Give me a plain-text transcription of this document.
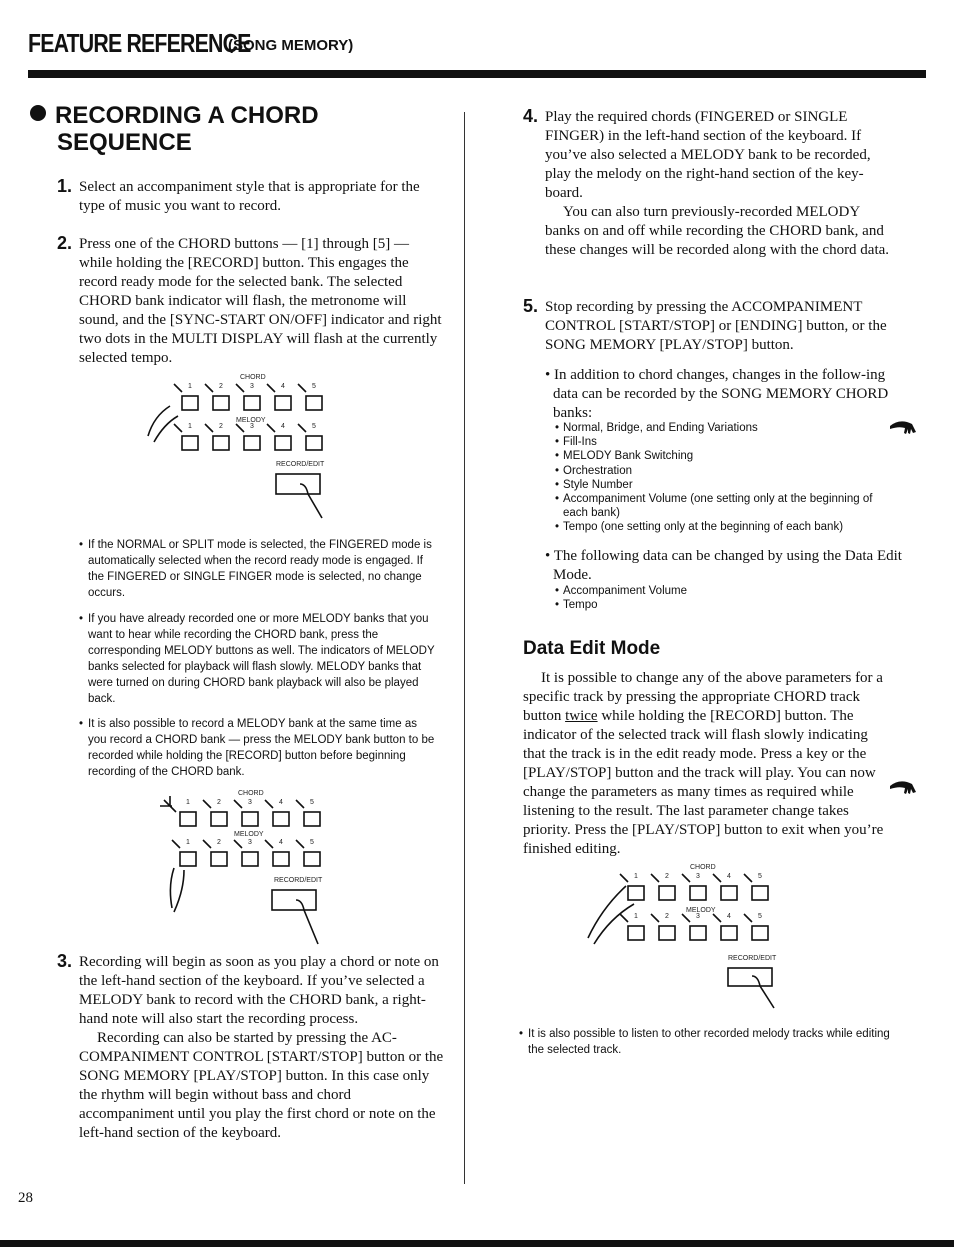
FEATURE REFERENCE
(SONG MEMORY)
RECORDING A CHORD
SEQUENCE
1. Select an accompaniment style that is appropriate for the type of music you want to record.

2. Press one of the CHORD buttons — [1] through [5] — while holding the [RECORD] button. This engages the record ready mode for the selected bank. The selected CHORD bank indicator will flash, the metronome will sound, and the [SYNC-START ON/OFF] indicator and right two dots in the MULTI DISPLAY will flash at the currently selected tempo.

CHORD
MELODY
RECORD/EDIT
1	2	3	4	5
1	2	3	4	5
• If the NORMAL or SPLIT mode is selected, the FINGERED mode is automatically selected when the record ready mode is engaged. If the FINGERED or SINGLE FINGER mode is selected, no change occurs.
• If you have already recorded one or more MELODY banks that you want to hear while recording the CHORD bank, press the corresponding MELODY buttons as well. The indicators of MELODY banks selected for playback will flash slowly. MELODY banks that were turned on during CHORD bank playback will also be played back.
• It is also possible to record a MELODY bank at the same time as you record a CHORD bank — press the MELODY bank button to be recorded while holding the [RECORD] button before beginning recording of the CHORD bank.
CHORD
MELODY
RECORD/EDIT
1	2	3	4	5
1	2	3	4	5
3. Recording will begin as soon as you play a chord or note on the left-hand section of the keyboard. If you’ve selected a MELODY bank to record with the CHORD bank, a right-hand note will also start the recording process.

Recording can also be started by pressing the AC-COMPANIMENT CONTROL [START/STOP] button or the SONG MEMORY [PLAY/STOP] button. In this case only the rhythm will begin without bass and chord accompaniment until you play the first chord or note on the left-hand section of the keyboard.

4. Play the required chords (FINGERED or SINGLE FINGER) in the left-hand section of the keyboard. If you’ve also selected a MELODY bank to be recorded, play the melody on the right-hand section of the key-board.

You can also turn previously-recorded MELODY banks on and off while recording the CHORD bank, and these changes will be recorded along with the chord data.

5. Stop recording by pressing the ACCOMPANIMENT CONTROL [START/STOP] or [ENDING] button, or the SONG MEMORY [PLAY/STOP] button.

• In addition to chord changes, changes in the follow-ing data can be recorded by the SONG MEMORY CHORD banks:

• Normal, Bridge, and Ending Variations
• Fill-Ins
• MELODY Bank Switching
• Orchestration
• Style Number
• Accompaniment Volume (one setting only at the beginning of each bank)
• Tempo (one setting only at the beginning of each bank)

• The following data can be changed by using the Data Edit Mode.

• Accompaniment Volume
• Tempo
Data Edit Mode

It is possible to change any of the above parameters for a specific track by pressing the appropriate CHORD track button twice while holding the [RECORD] button. The indicator of the selected track will flash slowly indicating that the track is in the edit ready mode. Press a key or the [PLAY/STOP] button and the track will play. You can now change the parameters as many times as required while listening to the result. The last parameter change takes priority. Press the [PLAY/STOP] button to exit when you’re finished editing.

CHORD
MELODY
RECORD/EDIT
1	2	3	4	5
1	2	3	4	5
• It is also possible to listen to other recorded melody tracks while editing the selected track.
28
